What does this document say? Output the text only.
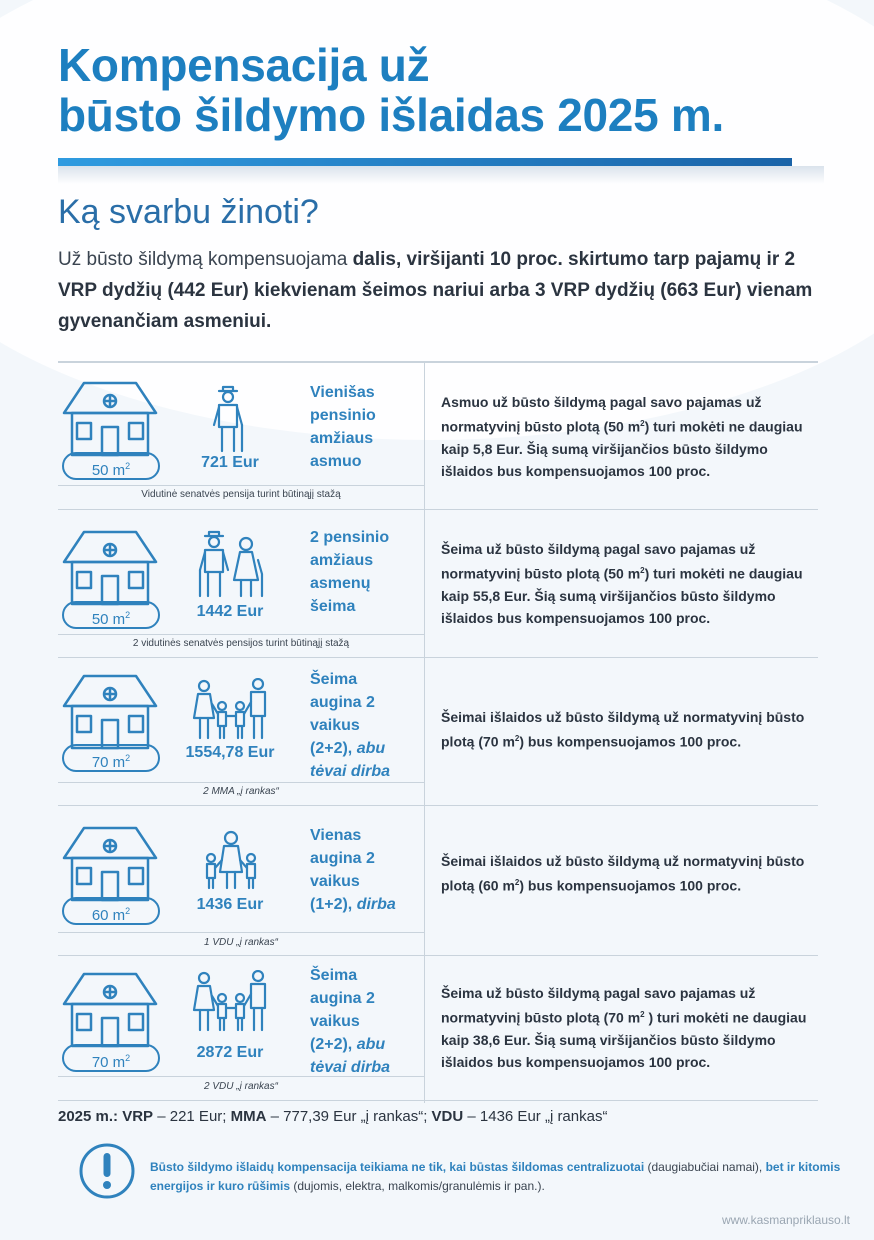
Kompensacija už
būsto šildymo išlaidas 2025 m.
Ką svarbu žinoti?

Už būsto šildymą kompensuojama dalis, viršijanti 10 proc. skirtumo tarp pajamų ir 2 VRP dydžių (442 Eur) kiekvienam šeimos nariui arba 3 VRP dydžių (663 Eur) vienam gyvenančiam asmeniui.

50 $m^2$	721 Eur

Vienišas
pensinio
amžiaus
asmuo

Vidutinė senatvės pensija turint būtinąjį stažą

Asmuo už būsto šildymą pagal savo pajamas už normatyvinį būsto plotą (50 $m^2$) turi mokėti ne daugiau kaip 5,8 Eur. Šią sumą viršijančios būsto šildymo išlaidos bus kompensuojamos 100 proc.

50 $m^2$	1442 Eur

2 pensinio
amžiaus
asmenų
šeima

2 vidutinės senatvės pensijos turint būtinąjį stažą

Šeima už būsto šildymą pagal savo pajamas už normatyvinį būsto plotą (50 $m^2$) turi mokėti ne daugiau kaip 55,8 Eur. Šią sumą viršijančios būsto šildymo išlaidos bus kompensuojamos 100 proc.

70 $m^2$	1554,78 Eur

Šeima
augina 2
vaikus
(2+2), abu tėvai dirba

2 MMA „į rankas“

Šeimai išlaidos už būsto šildymą už normatyvinį būsto plotą (70 $m^2$) bus kompensuojamos 100 proc.

60 $m^2$	1436 Eur

Vienas
augina 2
vaikus
(1+2), dirba

1 VDU „į rankas“

Šeimai išlaidos už būsto šildymą už normatyvinį būsto plotą (60 $m^2$) bus kompensuojamos 100 proc.

70 $m^2$	2872 Eur

Šeima
augina 2
vaikus
(2+2), abu tėvai dirba

2 VDU „į rankas“

Šeima už būsto šildymą pagal savo pajamas už normatyvinį būsto plotą (70 $m^2$ ) turi mokėti ne daugiau kaip 38,6 Eur. Šią sumą viršijančios būsto šildymo išlaidos bus kompensuojamos 100 proc.

2025 m.: VRP – 221 Eur; MMA – 777,39 Eur „į rankas“; VDU – 1436 Eur „į rankas“

Būsto šildymo išlaidų kompensacija teikiama ne tik, kai būstas šildomas centralizuotai (daugiabučiai namai), bet ir kitomis energijos ir kuro rūšimis (dujomis, elektra, malkomis/granulėmis ir pan.).

www.kasmanpriklauso.lt
